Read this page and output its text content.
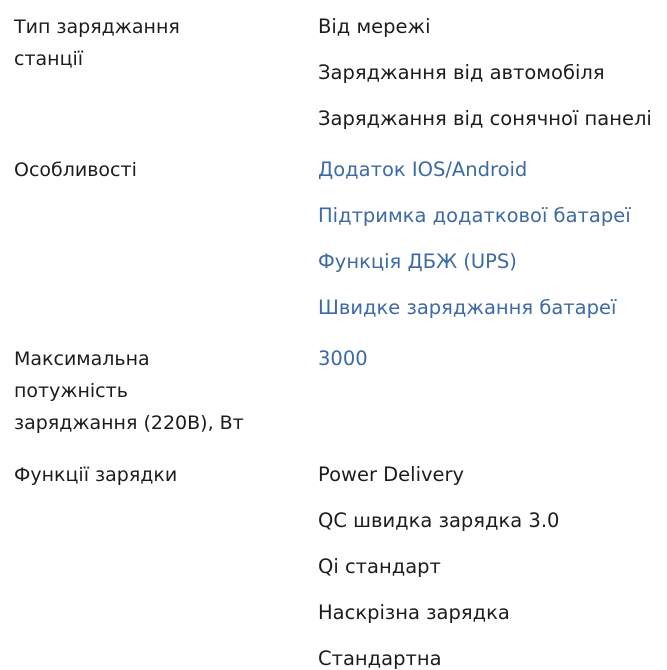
Тип заряджання
станції
Від мережі
Заряджання від автомобіля
Заряджання від сонячної панелі
Особливості	Додаток IOS/Android
Підтримка додаткової батареї
Функція ДБЖ (UPS)
Швидке заряджання батареї
Максимальна
потужність
заряджання (220В), Вт
3000
Функції зарядки	Power Delivery
QC швидка зарядка 3.0
Qi стандарт
Наскрізна зарядка
Стандартна
